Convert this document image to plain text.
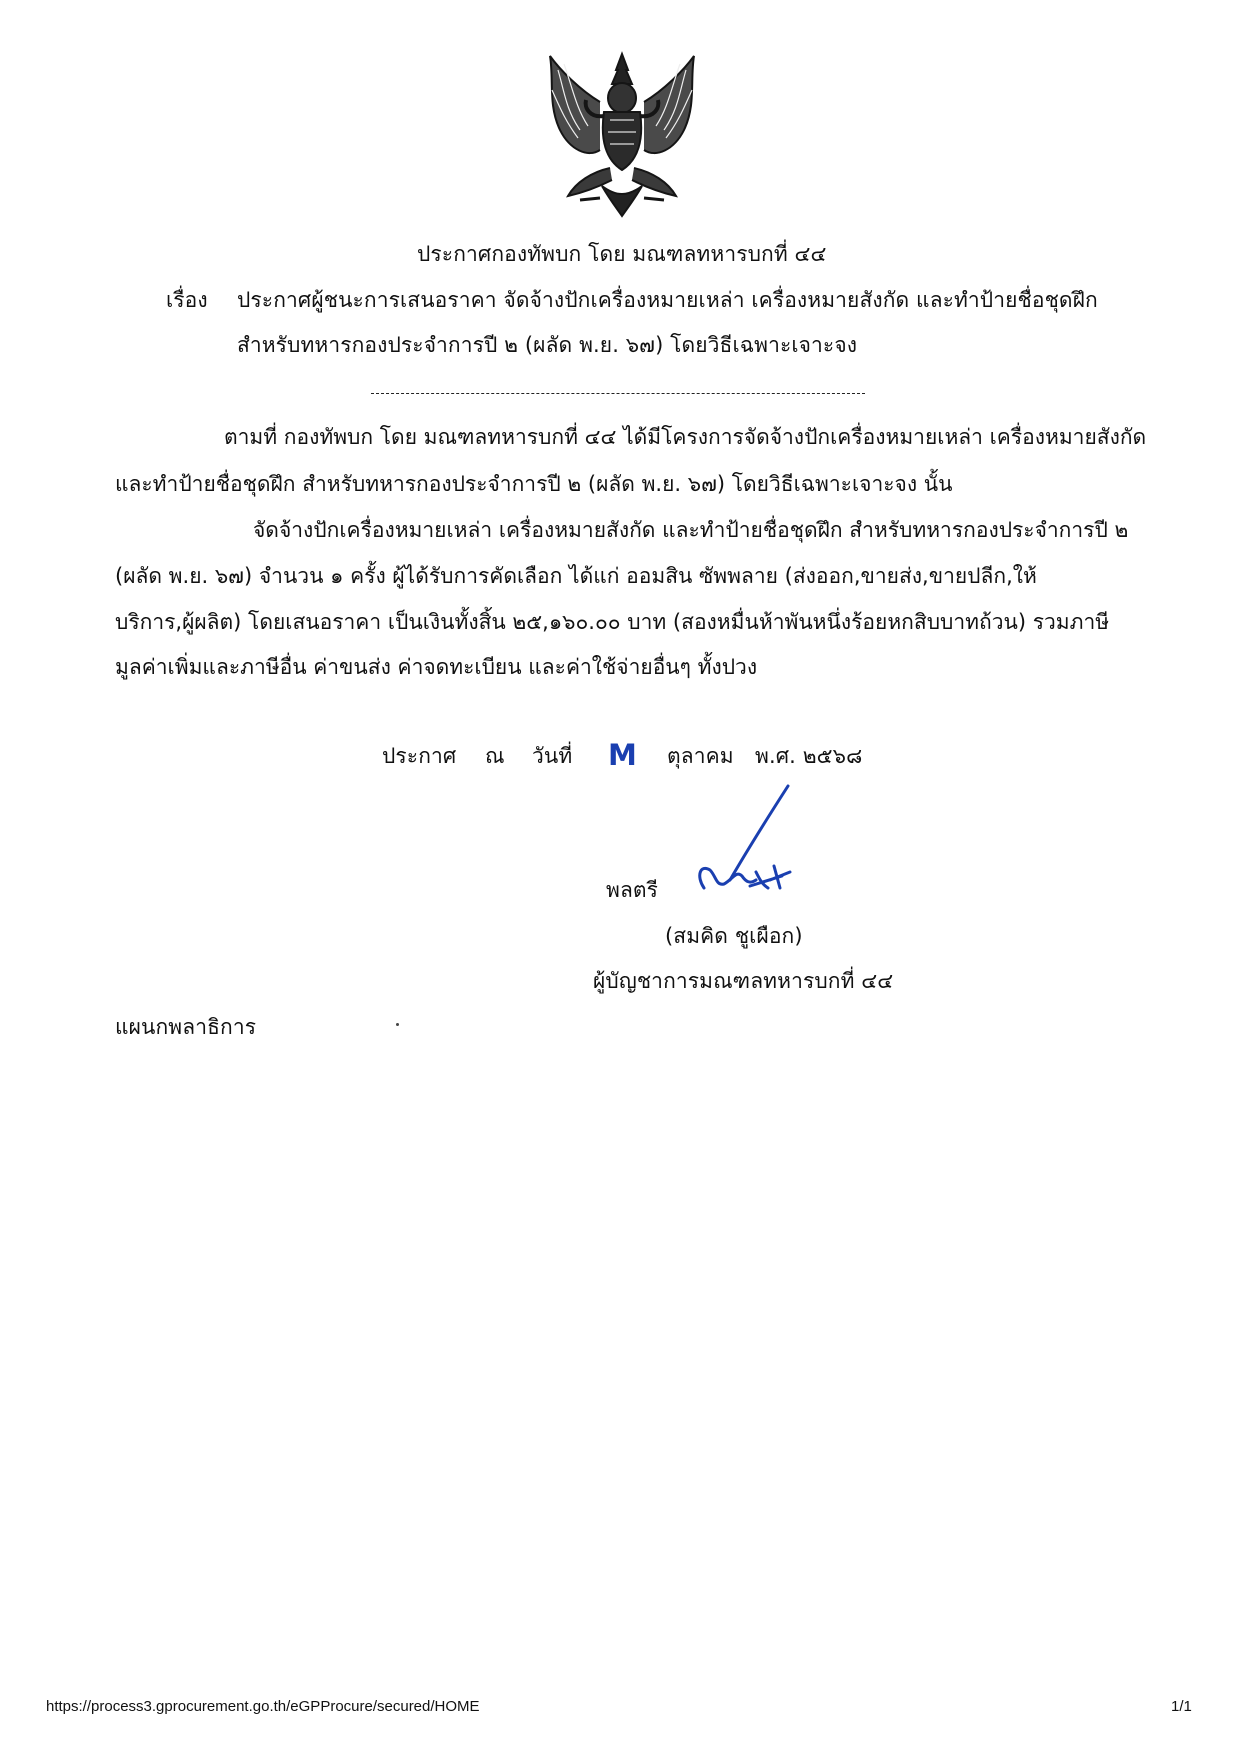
ประกาศกองทัพบก โดย มณฑลทหารบกที่ ๔๔
เรื่อง ประกาศผู้ชนะการเสนอราคา จัดจ้างปักเครื่องหมายเหล่า เครื่องหมายสังกัด และทำป้ายชื่อชุดฝึก
สำหรับทหารกองประจำการปี ๒ (ผลัด พ.ย. ๖๗) โดยวิธีเฉพาะเจาะจง
ตามที่ กองทัพบก โดย มณฑลทหารบกที่ ๔๔ ได้มีโครงการจัดจ้างปักเครื่องหมายเหล่า เครื่องหมายสังกัด
และทำป้ายชื่อชุดฝึก สำหรับทหารกองประจำการปี ๒ (ผลัด พ.ย. ๖๗) โดยวิธีเฉพาะเจาะจง นั้น
จัดจ้างปักเครื่องหมายเหล่า เครื่องหมายสังกัด และทำป้ายชื่อชุดฝึก สำหรับทหารกองประจำการปี ๒
(ผลัด พ.ย. ๖๗) จำนวน ๑ ครั้ง ผู้ได้รับการคัดเลือก ได้แก่ ออมสิน ซัพพลาย (ส่งออก,ขายส่ง,ขายปลีก,ให้
บริการ,ผู้ผลิต) โดยเสนอราคา เป็นเงินทั้งสิ้น ๒๕,๑๖๐.๐๐ บาท (สองหมื่นห้าพันหนึ่งร้อยหกสิบบาทถ้วน) รวมภาษี
มูลค่าเพิ่มและภาษีอื่น ค่าขนส่ง ค่าจดทะเบียน และค่าใช้จ่ายอื่นๆ ทั้งปวง
ประกาศ ณ วันที่ M ตุลาคม พ.ศ. ๒๕๖๘
พลตรี
(สมคิด ชูเผือก)
ผู้บัญชาการมณฑลทหารบกที่ ๔๔
แผนกพลาธิการ
https://process3.gprocurement.go.th/eGPProcure/secured/HOME	1/1
